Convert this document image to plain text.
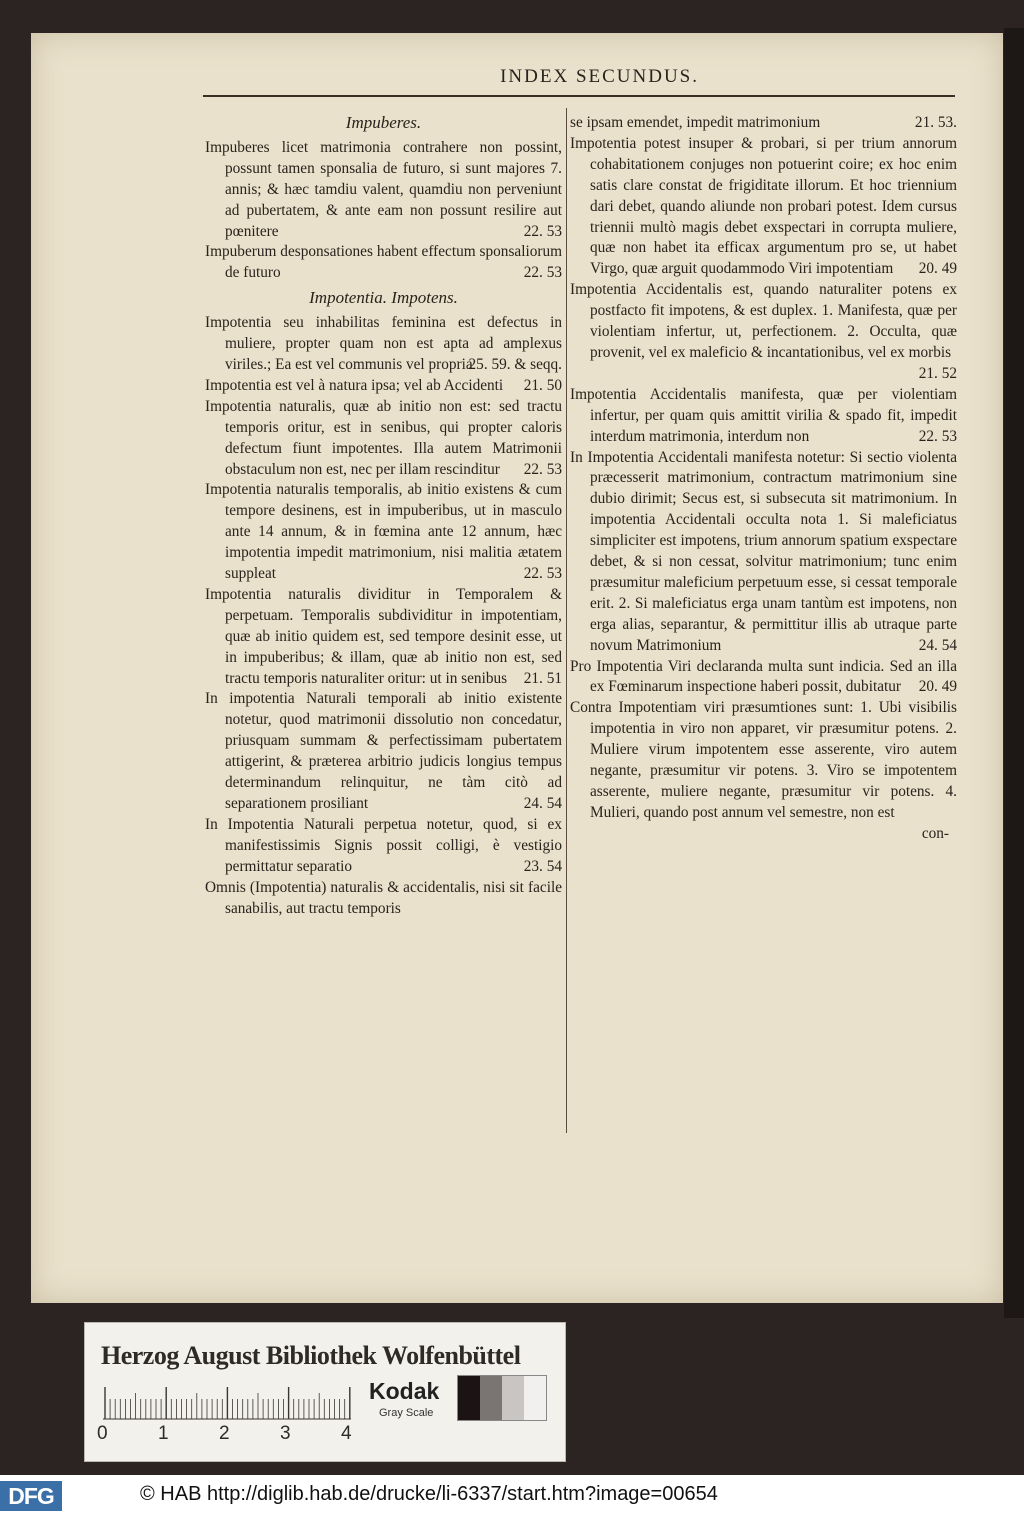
INDEX SECUNDUS.
Impuberes.

Impuberes licet matrimonia contrahere non possint, possunt tamen sponsalia de futuro, si sunt majores 7. annis; & hæc tamdiu valent, quamdiu non perveniunt ad pubertatem, & ante eam non possunt resilire aut pœnitere	22. 53

Impuberum desponsationes habent effectum sponsaliorum de futuro	22. 53

Impotentia. Impotens.

Impotentia seu inhabilitas feminina est defectus in muliere, propter quam non est apta ad amplexus viriles.; Ea est vel communis vel propria
25. 59. & seqq.

Impotentia est vel à natura ipsa; vel ab Accidenti 21. 50

Impotentia naturalis, quæ ab initio non est: sed tractu temporis oritur, est in senibus, qui propter caloris defectum fiunt impotentes. Illa autem Matrimonii obstaculum non est, nec per illam rescinditur 22. 53

Impotentia naturalis temporalis, ab initio existens & cum tempore desinens, est in impuberibus, ut in masculo ante 14 annum, & in fœmina ante 12 annum, hæc impotentia impedit matrimonium, nisi malitia ætatem suppleat	22. 53

Impotentia naturalis dividitur in Temporalem & perpetuam. Temporalis subdividitur in impotentiam, quæ ab initio quidem est, sed tempore desinit esse, ut in impuberibus; & illam, quæ ab initio non est, sed tractu temporis naturaliter oritur: ut in senibus 21. 51

In impotentia Naturali temporali ab initio existente notetur, quod matrimonii dissolutio non concedatur, priusquam summam & perfectissimam pubertatem attigerint, & præterea arbitrio judicis longius tempus determinandum relinquitur, ne tàm citò ad separationem prosiliant	24. 54

In Impotentia Naturali perpetua notetur, quod, si ex manifestissimis Signis possit colligi, è vestigio permittatur separatio	23. 54

Omnis (Impotentia) naturalis & accidentalis, nisi sit facile sanabilis, aut tractu temporis

se ipsam emendet, impedit matrimonium	21. 53.

Impotentia potest insuper & probari, si per trium annorum cohabitationem conjuges non potuerint coire; ex hoc enim satis clare constat de frigiditate illorum. Et hoc triennium dari debet, quando aliunde non probari potest. Idem cursus triennii multò magis debet exspectari in corrupta muliere, quæ non habet ita efficax argumentum pro se, ut habet Virgo, quæ arguit quodammodo Viri impotentiam 20. 49

Impotentia Accidentalis est, quando naturaliter potens ex postfacto fit impotens, & est duplex. 1. Manifesta, quæ per violentiam infertur, ut, perfectionem. 2. Occulta, quæ provenit, vel ex maleficio & incantationibus, vel ex morbis
21. 52

Impotentia Accidentalis manifesta, quæ per violentiam infertur, per quam quis amittit virilia & spado fit, impedit interdum matrimonia, interdum non	22. 53

In Impotentia Accidentali manifesta notetur: Si sectio violenta præcesserit matrimonium, contractum matrimonium sine dubio dirimit; Secus est, si subsecuta sit matrimonium. In impotentia Accidentali occulta nota 1. Si maleficiatus simpliciter est impotens, trium annorum spatium exspectare debet, & si non cessat, solvitur matrimonium; tunc enim præsumitur maleficium perpetuum esse, si cessat temporale erit. 2. Si maleficiatus erga unam tantùm est impotens, non erga alias, separantur, & permittitur illis ab utraque parte novum Matrimonium	24. 54

Pro Impotentia Viri declaranda multa sunt indicia. Sed an illa ex Fœminarum inspectione haberi possit, dubitatur 20. 49

Contra Impotentiam viri præsumtiones sunt: 1. Ubi visibilis impotentia in viro non apparet, vir præsumitur potens. 2. Muliere virum impotentem esse asserente, viro autem negante, præsumitur vir potens. 3. Viro se impotentem asserente, muliere negante, præsumitur vir potens. 4. Mulieri, quando post annum vel semestre, non est

con-
Herzog August Bibliothek Wolfenbüttel
0	1	2	3	4
Kodak
Gray Scale
DFG	© HAB http://diglib.hab.de/drucke/li-6337/start.htm?image=00654
